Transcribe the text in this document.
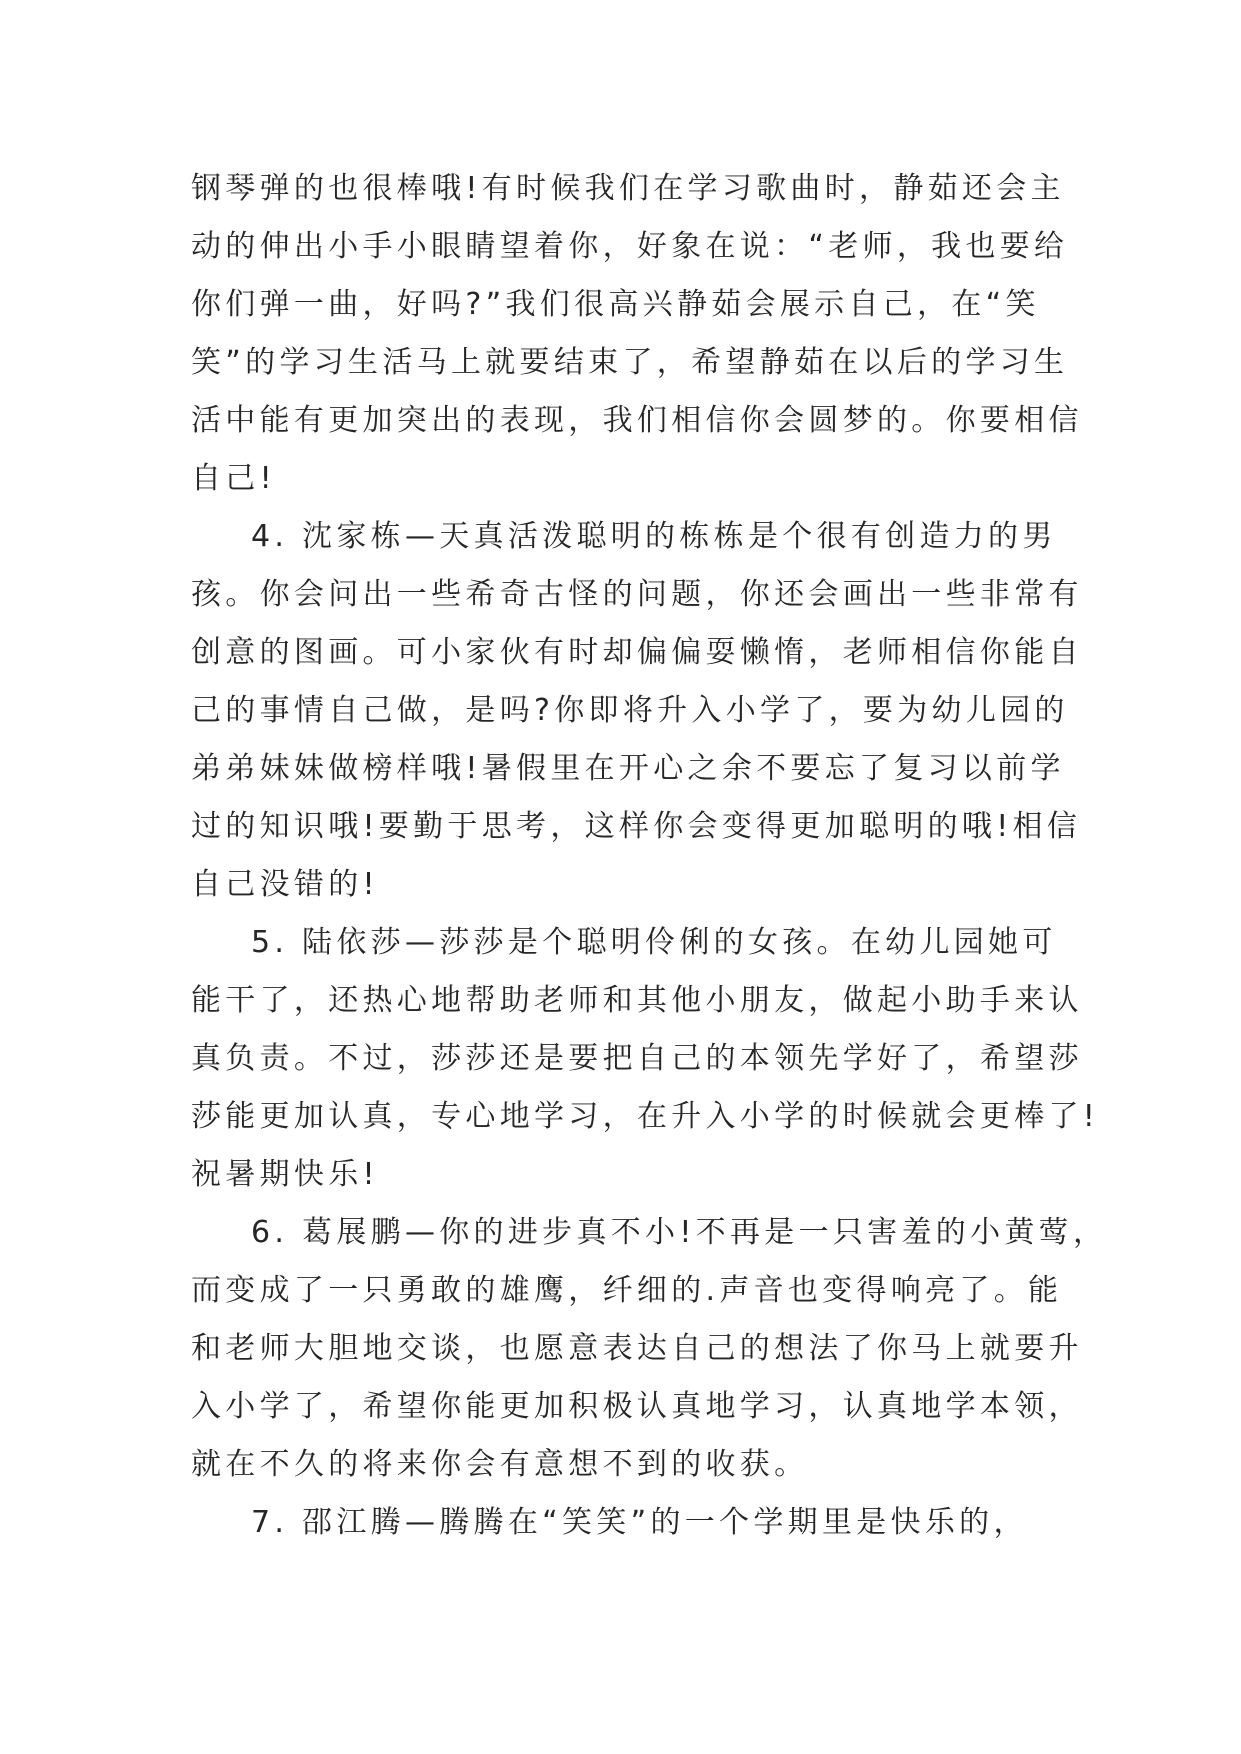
钢琴弹的也很棒哦!有时候我们在学习歌曲时，静茹还会主
动的伸出小手小眼睛望着你，好象在说：“老师，我也要给
你们弹一曲，好吗?”我们很高兴静茹会展示自己，在“笑
笑”的学习生活马上就要结束了，希望静茹在以后的学习生
活中能有更加突出的表现，我们相信你会圆梦的。你要相信
自己!
4. 沈家栋—天真活泼聪明的栋栋是个很有创造力的男
孩。你会问出一些希奇古怪的问题，你还会画出一些非常有
创意的图画。可小家伙有时却偏偏耍懒惰，老师相信你能自
己的事情自己做，是吗?你即将升入小学了，要为幼儿园的
弟弟妹妹做榜样哦!暑假里在开心之余不要忘了复习以前学
过的知识哦!要勤于思考，这样你会变得更加聪明的哦!相信
自己没错的!
5. 陆依莎—莎莎是个聪明伶俐的女孩。在幼儿园她可
能干了，还热心地帮助老师和其他小朋友，做起小助手来认
真负责。不过，莎莎还是要把自己的本领先学好了，希望莎
莎能更加认真，专心地学习，在升入小学的时候就会更棒了!
祝暑期快乐!
6. 葛展鹏—你的进步真不小!不再是一只害羞的小黄莺，
而变成了一只勇敢的雄鹰，纤细的.声音也变得响亮了。能
和老师大胆地交谈，也愿意表达自己的想法了你马上就要升
入小学了，希望你能更加积极认真地学习，认真地学本领，
就在不久的将来你会有意想不到的收获。
7. 邵江腾—腾腾在“笑笑”的一个学期里是快乐的，
